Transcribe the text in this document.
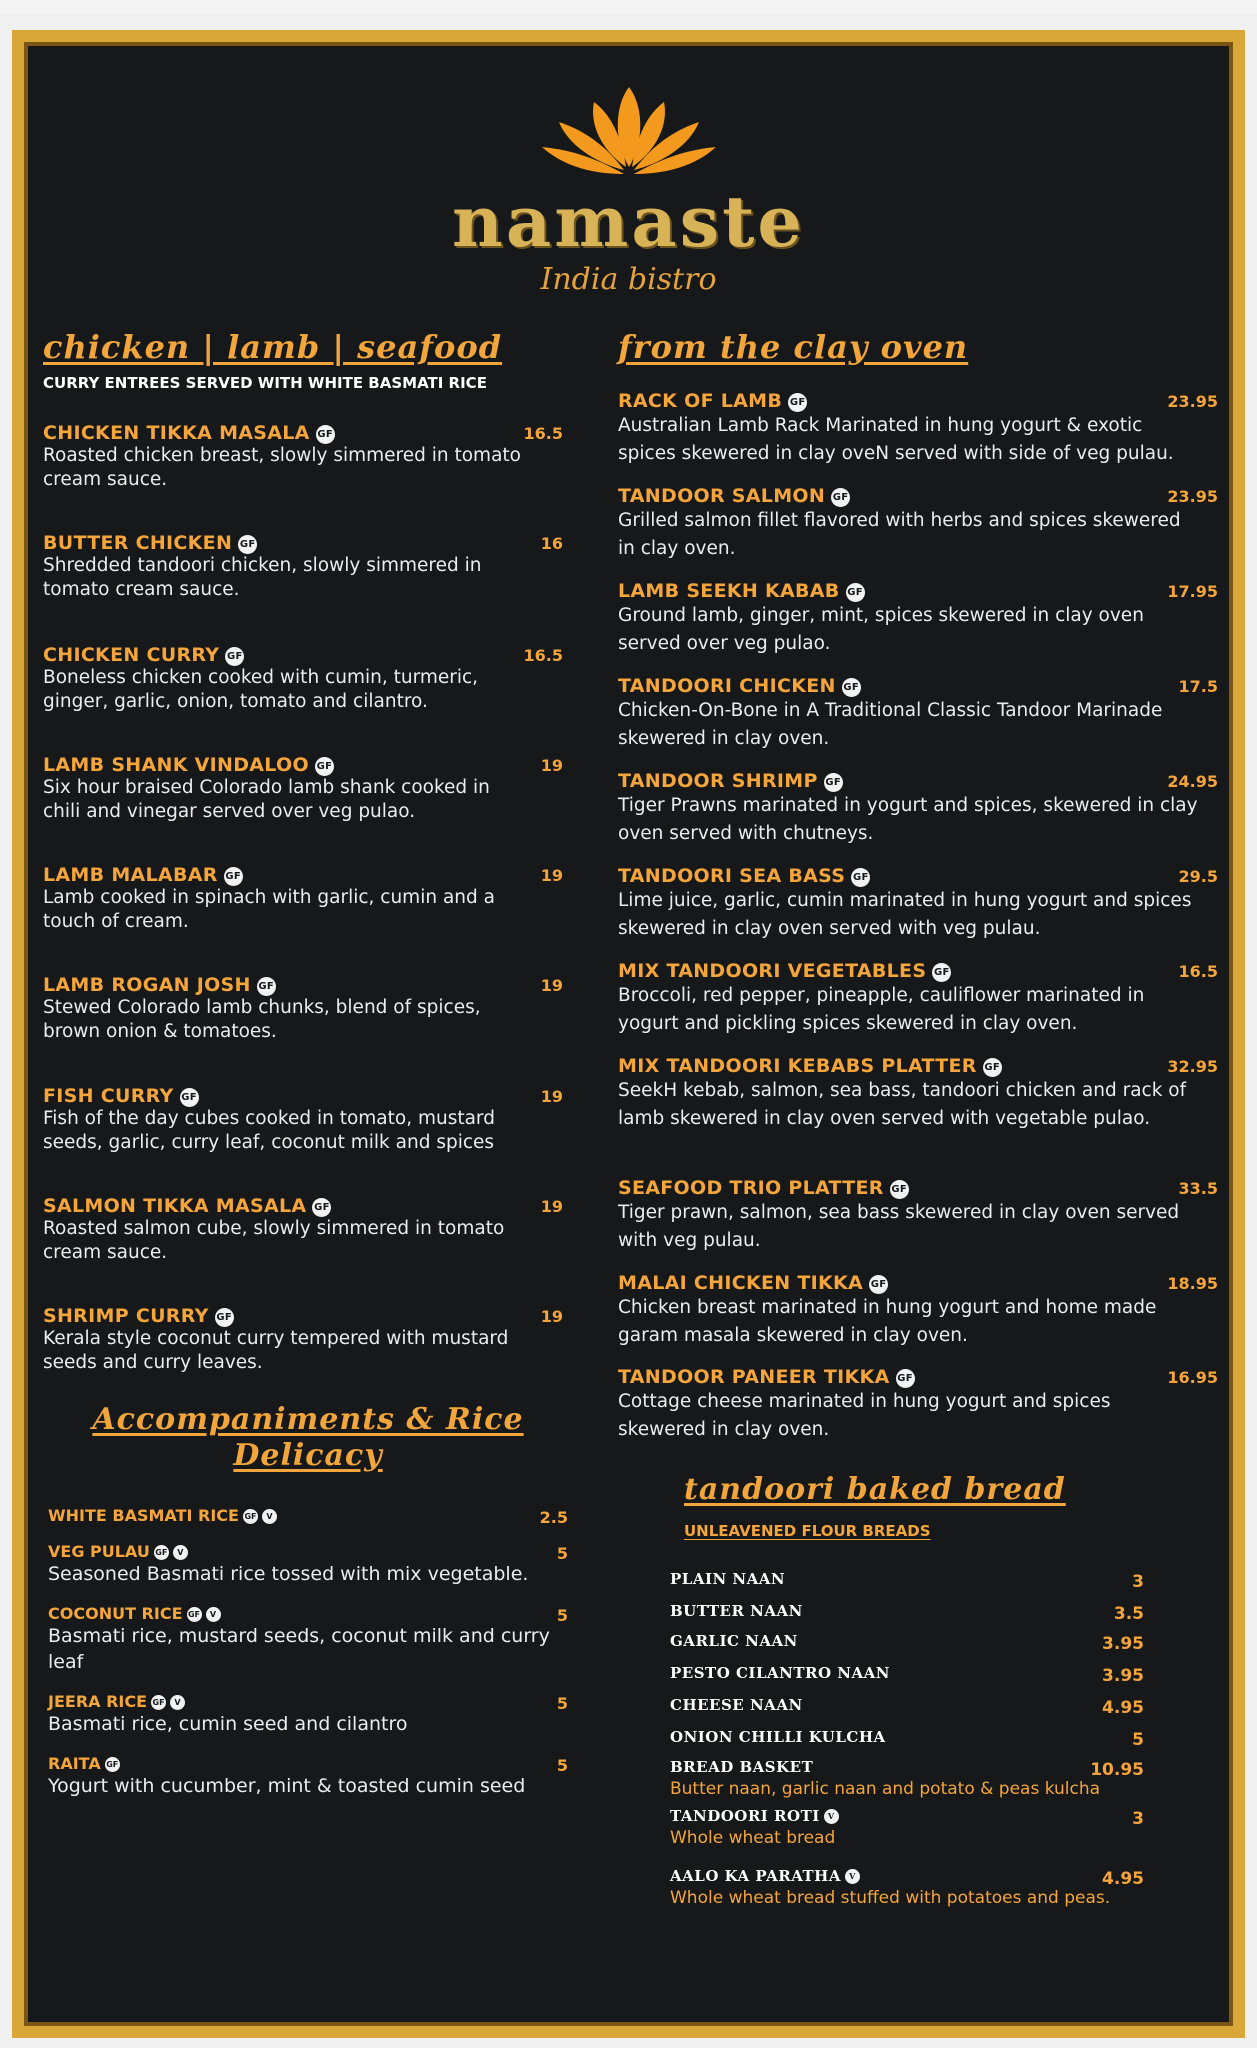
namaste
India bistro
chicken | lamb | seafood
CURRY ENTREES SERVED WITH WHITE BASMATI RICE
CHICKEN TIKKA MASALA GF	16.5
Roasted chicken breast, slowly simmered in tomato cream sauce.
BUTTER CHICKEN GF	16
Shredded tandoori chicken, slowly simmered in tomato cream sauce.
CHICKEN CURRY GF	16.5
Boneless chicken cooked with cumin, turmeric, ginger, garlic, onion, tomato and cilantro.
LAMB SHANK VINDALOO GF	19
Six hour braised Colorado lamb shank cooked in chili and vinegar served over veg pulao.
LAMB MALABAR GF	19
Lamb cooked in spinach with garlic, cumin and a touch of cream.
LAMB ROGAN JOSH GF	19
Stewed Colorado lamb chunks, blend of spices, brown onion & tomatoes.
FISH CURRY GF	19
Fish of the day cubes cooked in tomato, mustard seeds, garlic, curry leaf, coconut milk and spices
SALMON TIKKA MASALA GF	19
Roasted salmon cube, slowly simmered in tomato cream sauce.
SHRIMP CURRY GF	19
Kerala style coconut curry tempered with mustard seeds and curry leaves.
from the clay oven
RACK OF LAMB GF	23.95
Australian Lamb Rack Marinated in hung yogurt & exotic spices skewered in clay oveN served with side of veg pulau.
TANDOOR SALMON GF	23.95
Grilled salmon fillet flavored with herbs and spices skewered in clay oven.
LAMB SEEKH KABAB GF	17.95
Ground lamb, ginger, mint, spices skewered in clay oven served over veg pulao.
TANDOORI CHICKEN GF	17.5
Chicken-On-Bone in A Traditional Classic Tandoor Marinade skewered in clay oven.
TANDOOR SHRIMP GF	24.95
Tiger Prawns marinated in yogurt and spices, skewered in clay oven served with chutneys.
TANDOORI SEA BASS GF	29.5
Lime juice, garlic, cumin marinated in hung yogurt and spices skewered in clay oven served with veg pulau.
MIX TANDOORI VEGETABLES GF	16.5
Broccoli, red pepper, pineapple, cauliflower marinated in yogurt and pickling spices skewered in clay oven.
MIX TANDOORI KEBABS PLATTER GF	32.95
SeekH kebab, salmon, sea bass, tandoori chicken and rack of lamb skewered in clay oven served with vegetable pulao.
SEAFOOD TRIO PLATTER GF	33.5
Tiger prawn, salmon, sea bass skewered in clay oven served with veg pulau.
MALAI CHICKEN TIKKA GF	18.95
Chicken breast marinated in hung yogurt and home made garam masala skewered in clay oven.
TANDOOR PANEER TIKKA GF	16.95
Cottage cheese marinated in hung yogurt and spices skewered in clay oven.
Accompaniments & Rice
Delicacy
WHITE BASMATI RICE GF V	2.5
VEG PULAU GF V	5
Seasoned Basmati rice tossed with mix vegetable.
COCONUT RICE GF V	5
Basmati rice, mustard seeds, coconut milk and curry leaf
JEERA RICE GF V	5
Basmati rice, cumin seed and cilantro
RAITA GF	5
Yogurt with cucumber, mint & toasted cumin seed
tandoori baked bread
UNLEAVENED FLOUR BREADS
PLAIN NAAN	3
BUTTER NAAN	3.5
GARLIC NAAN	3.95
PESTO CILANTRO NAAN	3.95
CHEESE NAAN	4.95
ONION CHILLI KULCHA	5
BREAD BASKET	10.95
Butter naan, garlic naan and potato & peas kulcha
TANDOORI ROTI V	3
Whole wheat bread
AALO KA PARATHA V	4.95
Whole wheat bread stuffed with potatoes and peas.
